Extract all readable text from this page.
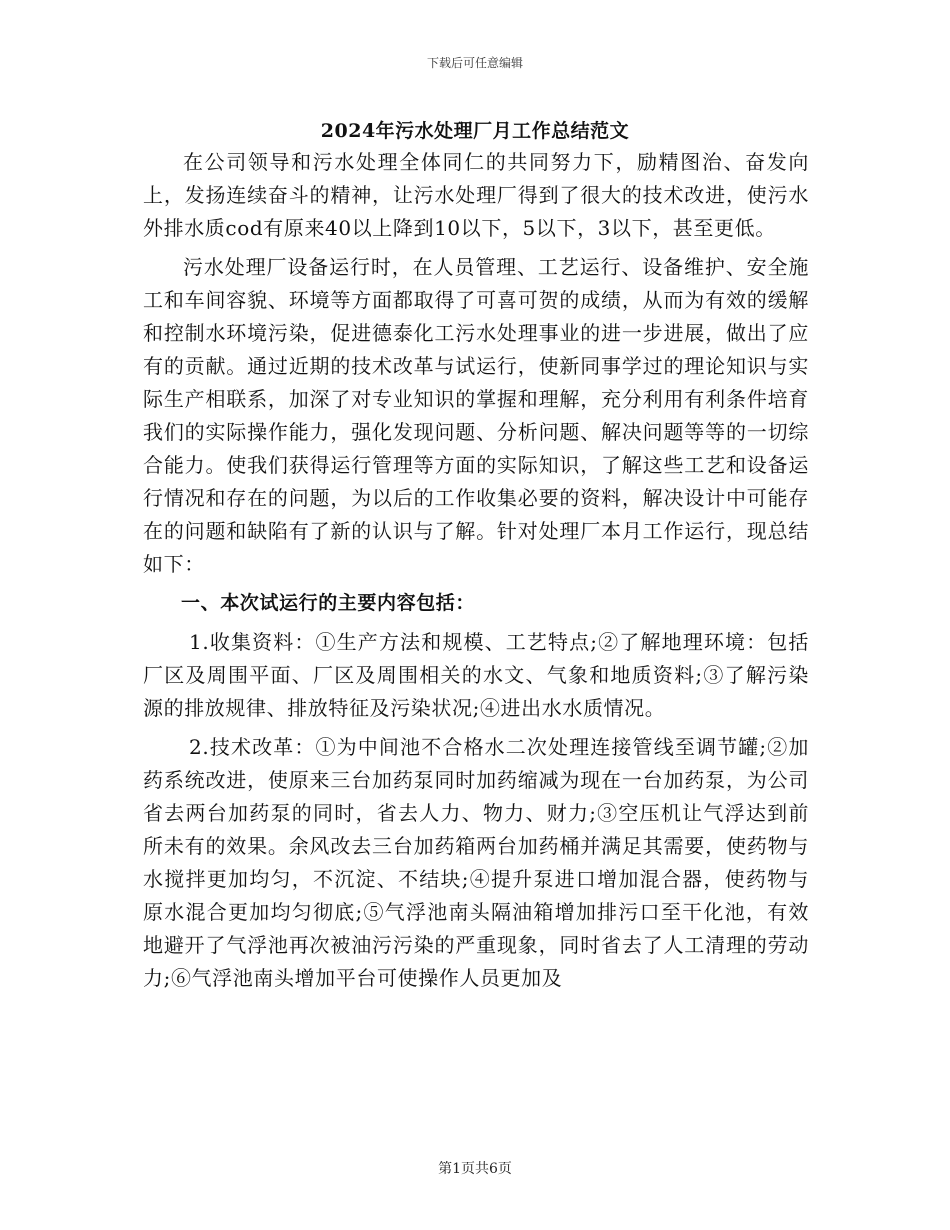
下载后可任意编辑
2024年污水处理厂月工作总结范文

在公司领导和污水处理全体同仁的共同努力下，励精图治、奋发向上，发扬连续奋斗的精神，让污水处理厂得到了很大的技术改进，使污水外排水质cod有原来40以上降到10以下，5以下，3以下，甚至更低。

污水处理厂设备运行时，在人员管理、工艺运行、设备维护、安全施工和车间容貌、环境等方面都取得了可喜可贺的成绩，从而为有效的缓解和控制水环境污染，促进德泰化工污水处理事业的进一步进展，做出了应有的贡献。通过近期的技术改革与试运行，使新同事学过的理论知识与实际生产相联系，加深了对专业知识的掌握和理解，充分利用有利条件培育我们的实际操作能力，强化发现问题、分析问题、解决问题等等的一切综合能力。使我们获得运行管理等方面的实际知识，了解这些工艺和设备运行情况和存在的问题，为以后的工作收集必要的资料，解决设计中可能存在的问题和缺陷有了新的认识与了解。针对处理厂本月工作运行，现总结如下：

一、本次试运行的主要内容包括：

1.收集资料：①生产方法和规模、工艺特点;②了解地理环境：包括厂区及周围平面、厂区及周围相关的水文、气象和地质资料;③了解污染源的排放规律、排放特征及污染状况;④进出水水质情况。

2.技术改革：①为中间池不合格水二次处理连接管线至调节罐;②加药系统改进，使原来三台加药泵同时加药缩减为现在一台加药泵，为公司省去两台加药泵的同时，省去人力、物力、财力;③空压机让气浮达到前所未有的效果。余风改去三台加药箱两台加药桶并满足其需要，使药物与水搅拌更加均匀，不沉淀、不结块;④提升泵进口增加混合器，使药物与原水混合更加均匀彻底;⑤气浮池南头隔油箱增加排污口至干化池，有效地避开了气浮池再次被油污污染的严重现象，同时省去了人工清理的劳动力;⑥气浮池南头增加平台可使操作人员更加及

第1页共6页
